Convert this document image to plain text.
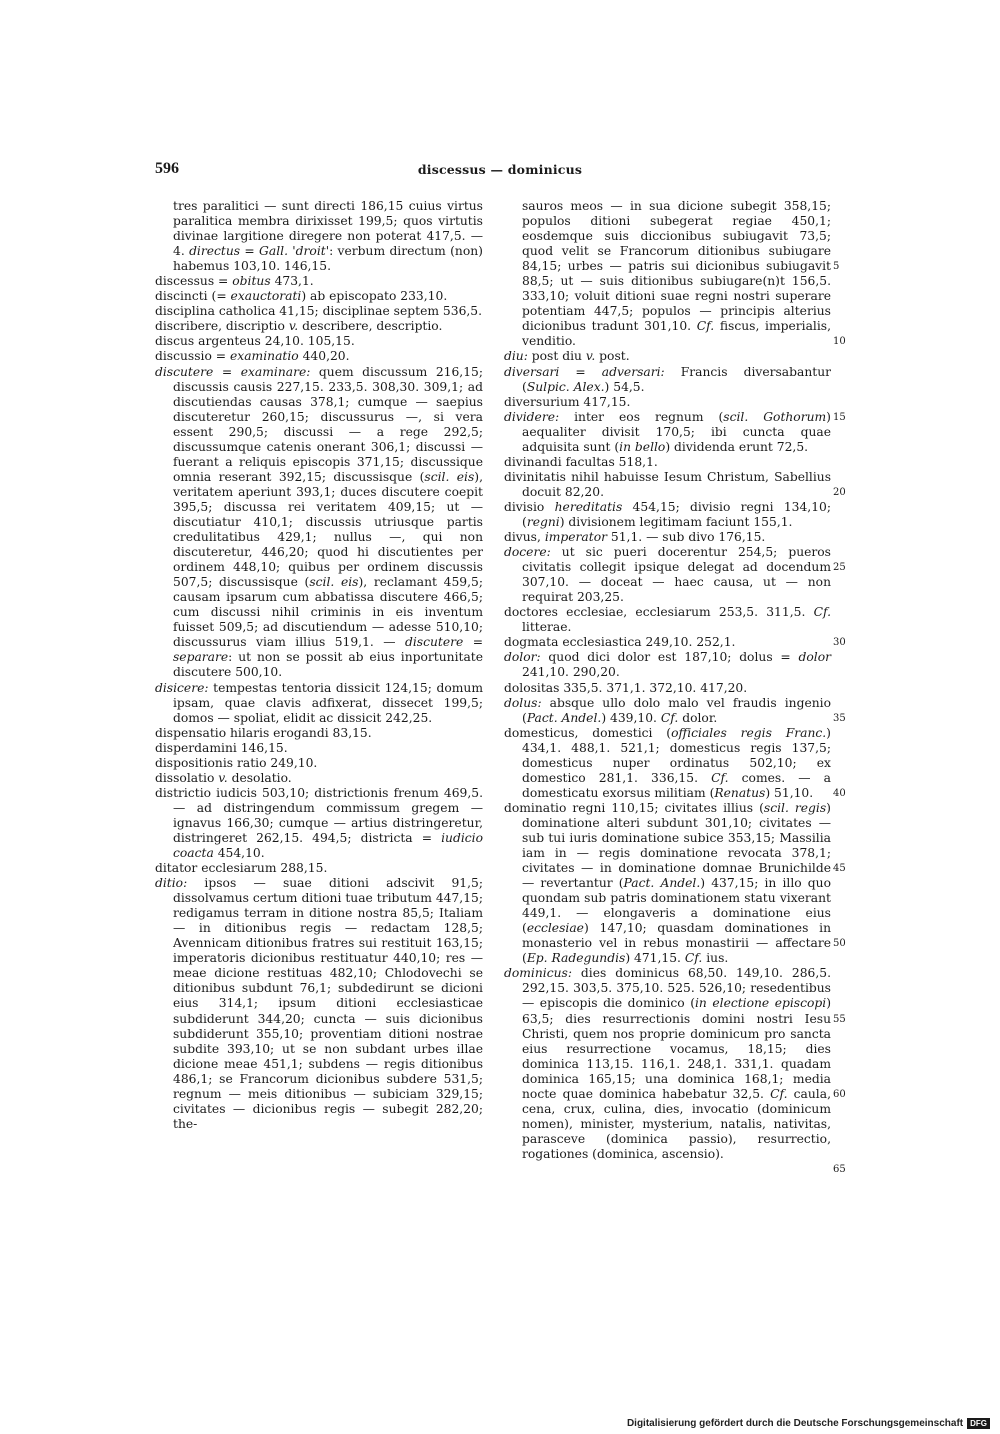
596	discessus — dominicus

tres paralitici — sunt directi 186,15 cuius virtus paralitica membra dirixisset 199,5; quos virtutis divinae largitione diregere non poterat 417,5. — 4. directus = Gall. 'droit': verbum directum (non) habemus 103,10. 146,15.

discessus = obitus 473,1.

discincti (= exauctorati) ab episcopato 233,10.

disciplina catholica 41,15; disciplinae septem 536,5.

discribere, discriptio v. describere, descriptio.

discus argenteus 24,10. 105,15.

discussio = examinatio 440,20.

discutere = examinare: quem discussum 216,15; discussis causis 227,15. 233,5. 308,30. 309,1; ad discutiendas causas 378,1; cumque — saepius discuteretur 260,15; discussurus —, si vera essent 290,5; discussi — a rege 292,5; discussumque catenis onerant 306,1; discussi — fuerant a reliquis episcopis 371,15; discussique omnia reserant 392,15; discussisque (scil. eis), veritatem aperiunt 393,1; duces discutere coepit 395,5; discussa rei veritatem 409,15; ut — discutiatur 410,1; discussis utriusque partis credulitatibus 429,1; nullus —, qui non discuteretur, 446,20; quod hi discutientes per ordinem 448,10; quibus per ordinem discussis 507,5; discussisque (scil. eis), reclamant 459,5; causam ipsarum cum abbatissa discutere 466,5; cum discussi nihil criminis in eis inventum fuisset 509,5; ad discutiendum — adesse 510,10; discussurus viam illius 519,1. — discutere = separare: ut non se possit ab eius inportunitate discutere 500,10.

disicere: tempestas tentoria dissicit 124,15; domum ipsam, quae clavis adfixerat, dissecet 199,5; domos — spoliat, elidit ac dissicit 242,25.

dispensatio hilaris erogandi 83,15.

disperdamini 146,15.

dispositionis ratio 249,10.

dissolatio v. desolatio.

districtio iudicis 503,10; districtionis frenum 469,5. — ad distringendum commissum gregem — ignavus 166,30; cumque — artius distringeretur, distringeret 262,15. 494,5; districta = iudicio coacta 454,10.

ditator ecclesiarum 288,15.

ditio: ipsos — suae ditioni adscivit 91,5; dissolvamus certum ditioni tuae tributum 447,15; redigamus terram in ditione nostra 85,5; Italiam — in ditionibus regis — redactam 128,5; Avennicam ditionibus fratres sui restituit 163,15; imperatoris dicionibus restituatur 440,10; res — meae dicione restituas 482,10; Chlodovechi se ditionibus subdunt 76,1; subdedirunt se dicioni eius 314,1; ipsum ditioni ecclesiasticae subdiderunt 344,20; cuncta — suis dicionibus subdiderunt 355,10; proventiam ditioni nostrae subdite 393,10; ut se non subdant urbes illae dicione meae 451,1; subdens — regis ditionibus 486,1; se Francorum dicionibus subdere 531,5; regnum — meis ditionibus — subiciam 329,15; civitates — dicionibus regis — subegit 282,20; the-

sauros meos — in sua dicione subegit 358,15; populos ditioni subegerat regiae 450,1; eosdemque suis diccionibus subiugavit 73,5; quod velit se Francorum ditionibus subiugare 84,15; urbes — patris sui dicionibus subiugavit 88,5; ut — suis ditionibus subiugare(n)t 156,5. 333,10; voluit ditioni suae regni nostri superare potentiam 447,5; populos — principis alterius dicionibus tradunt 301,10. Cf. fiscus, imperialis, venditio.

diu: post diu v. post.

diversari = adversari: Francis diversabantur (Sulpic. Alex.) 54,5.

diversurium 417,15.

dividere: inter eos regnum (scil. Gothorum) aequaliter divisit 170,5; ibi cuncta quae adquisita sunt (in bello) dividenda erunt 72,5.

divinandi facultas 518,1.

divinitatis nihil habuisse Iesum Christum, Sabellius docuit 82,20.

divisio hereditatis 454,15; divisio regni 134,10; (regni) divisionem legitimam faciunt 155,1.

divus, imperator 51,1. — sub divo 176,15.

docere: ut sic pueri docerentur 254,5; pueros civitatis collegit ipsique delegat ad docendum 307,10. — doceat — haec causa, ut — non requirat 203,25.

doctores ecclesiae, ecclesiarum 253,5. 311,5. Cf. litterae.

dogmata ecclesiastica 249,10. 252,1.

dolor: quod dici dolor est 187,10; dolus = dolor 241,10. 290,20.

dolositas 335,5. 371,1. 372,10. 417,20.

dolus: absque ullo dolo malo vel fraudis ingenio (Pact. Andel.) 439,10. Cf. dolor.

domesticus, domestici (officiales regis Franc.) 434,1. 488,1. 521,1; domesticus regis 137,5; domesticus nuper ordinatus 502,10; ex domestico 281,1. 336,15. Cf. comes. — a domesticatu exorsus militiam (Renatus) 51,10.

dominatio regni 110,15; civitates illius (scil. regis) dominatione alteri subdunt 301,10; civitates — sub tui iuris dominatione subice 353,15; Massilia iam in — regis dominatione revocata 378,1; civitates — in dominatione domnae Brunichilde — revertantur (Pact. Andel.) 437,15; in illo quo quondam sub patris dominationem statu vixerant 449,1. — elongaveris a dominatione eius (ecclesiae) 147,10; quasdam dominationes in monasterio vel in rebus monastirii — affectare (Ep. Radegundis) 471,15. Cf. ius.

dominicus: dies dominicus 68,50. 149,10. 286,5. 292,15. 303,5. 375,10. 525. 526,10; resedentibus — episcopis die dominico (in electione episcopi) 63,5; dies resurrectionis domini nostri Iesu Christi, quem nos proprie dominicum pro sancta eius resurrectione vocamus, 18,15; dies dominica 113,15. 116,1. 248,1. 331,1. quadam dominica 165,15; una dominica 168,1; media nocte quae dominica habebatur 32,5. Cf. caula, cena, crux, culina, dies, invocatio (dominicum nomen), minister, mysterium, natalis, nativitas, parasceve (dominica passio), resurrectio, rogationes (dominica, ascensio).

5
10
15
20
25
30
35
40
45
50
55
60
65
Digitalisierung gefördert durch die Deutsche Forschungsgemeinschaft DFG
